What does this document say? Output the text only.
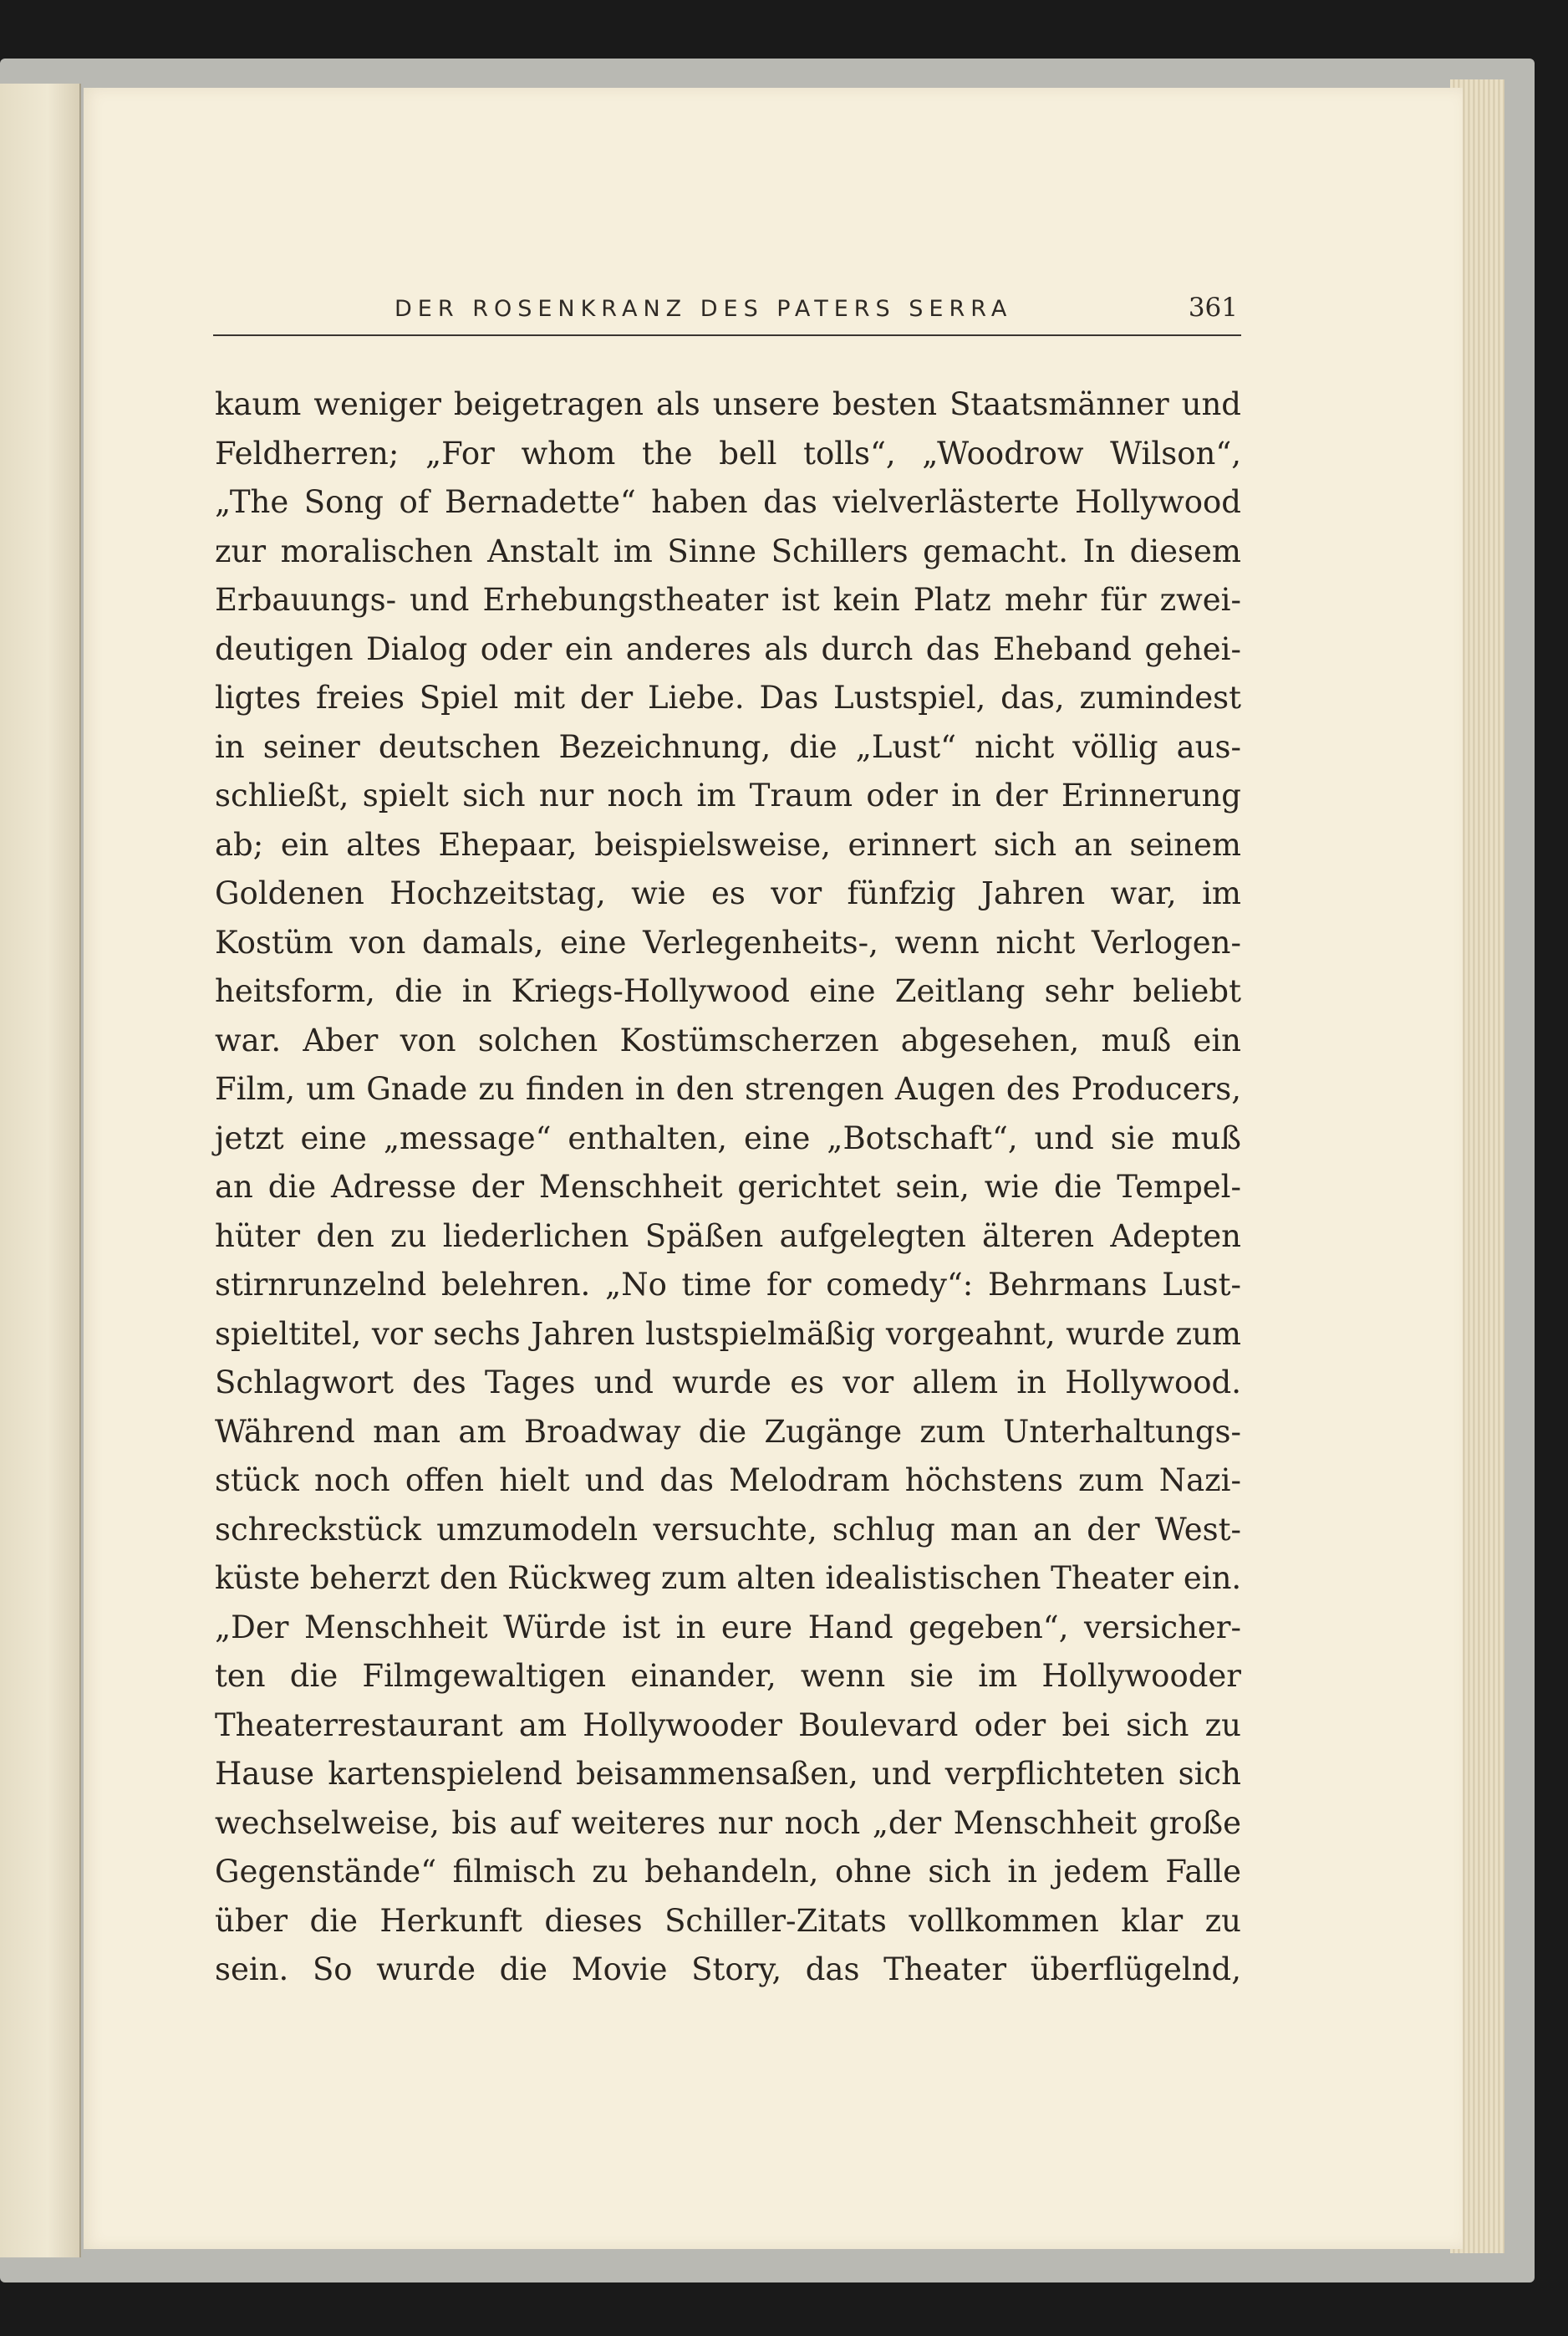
DER ROSENKRANZ DES PATERS SERRA	361
kaum weniger beigetragen als unsere besten Staatsmänner und
Feldherren; „For whom the bell tolls“, „Woodrow Wilson“,
„The Song of Bernadette“ haben das vielverlästerte Hollywood
zur moralischen Anstalt im Sinne Schillers gemacht. In diesem
Erbauungs- und Erhebungstheater ist kein Platz mehr für zwei-
deutigen Dialog oder ein anderes als durch das Eheband gehei-
ligtes freies Spiel mit der Liebe. Das Lustspiel, das, zumindest
in seiner deutschen Bezeichnung, die „Lust“ nicht völlig aus-
schließt, spielt sich nur noch im Traum oder in der Erinnerung
ab; ein altes Ehepaar, beispielsweise, erinnert sich an seinem
Goldenen Hochzeitstag, wie es vor fünfzig Jahren war, im
Kostüm von damals, eine Verlegenheits-, wenn nicht Verlogen-
heitsform, die in Kriegs-Hollywood eine Zeitlang sehr beliebt
war. Aber von solchen Kostümscherzen abgesehen, muß ein
Film, um Gnade zu finden in den strengen Augen des Producers,
jetzt eine „message“ enthalten, eine „Botschaft“, und sie muß
an die Adresse der Menschheit gerichtet sein, wie die Tempel-
hüter den zu liederlichen Späßen aufgelegten älteren Adepten
stirnrunzelnd belehren. „No time for comedy“: Behrmans Lust-
spieltitel, vor sechs Jahren lustspielmäßig vorgeahnt, wurde zum
Schlagwort des Tages und wurde es vor allem in Hollywood.
Während man am Broadway die Zugänge zum Unterhaltungs-
stück noch offen hielt und das Melodram höchstens zum Nazi-
schreckstück umzumodeln versuchte, schlug man an der West-
küste beherzt den Rückweg zum alten idealistischen Theater ein.
„Der Menschheit Würde ist in eure Hand gegeben“, versicher-
ten die Filmgewaltigen einander, wenn sie im Hollywooder
Theaterrestaurant am Hollywooder Boulevard oder bei sich zu
Hause kartenspielend beisammensaßen, und verpflichteten sich
wechselweise, bis auf weiteres nur noch „der Menschheit große
Gegenstände“ filmisch zu behandeln, ohne sich in jedem Falle
über die Herkunft dieses Schiller-Zitats vollkommen klar zu
sein. So wurde die Movie Story, das Theater überflügelnd,
